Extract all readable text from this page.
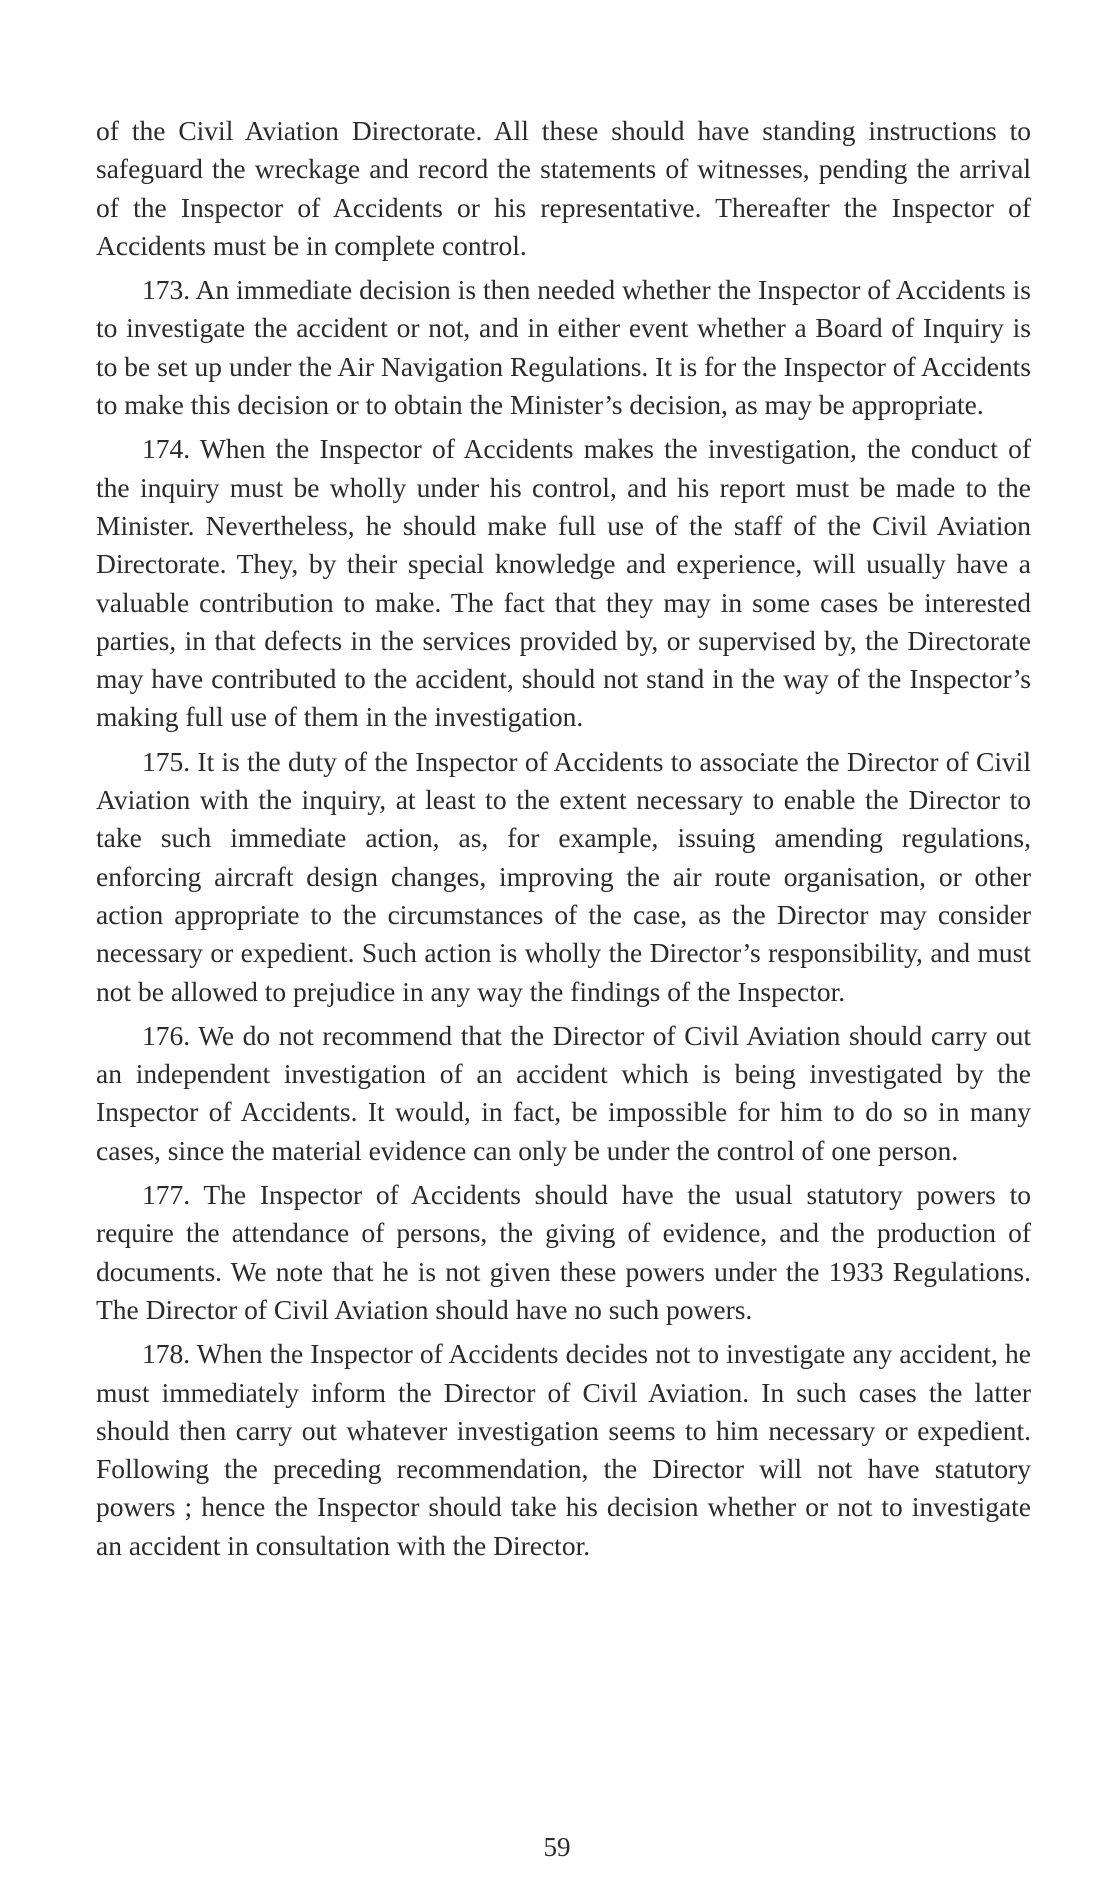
of the Civil Aviation Directorate. All these should have standing instructions to safeguard the wreckage and record the statements of witnesses, pending the arrival of the Inspector of Accidents or his representative. Thereafter the Inspector of Accidents must be in complete control.

173. An immediate decision is then needed whether the Inspector of Accidents is to investigate the accident or not, and in either event whether a Board of Inquiry is to be set up under the Air Navigation Regulations. It is for the Inspector of Accidents to make this decision or to obtain the Minister’s decision, as may be appropriate.

174. When the Inspector of Accidents makes the investigation, the conduct of the inquiry must be wholly under his control, and his report must be made to the Minister. Nevertheless, he should make full use of the staff of the Civil Aviation Directorate. They, by their special knowledge and experience, will usually have a valuable contribution to make. The fact that they may in some cases be interested parties, in that defects in the services provided by, or supervised by, the Directorate may have contributed to the accident, should not stand in the way of the Inspector’s making full use of them in the investigation.

175. It is the duty of the Inspector of Accidents to associate the Director of Civil Aviation with the inquiry, at least to the extent necessary to enable the Director to take such immediate action, as, for example, issuing amending regulations, enforcing aircraft design changes, improving the air route organisation, or other action appropriate to the circumstances of the case, as the Director may consider necessary or expedient. Such action is wholly the Director’s responsibility, and must not be allowed to prejudice in any way the findings of the Inspector.

176. We do not recommend that the Director of Civil Aviation should carry out an independent investigation of an accident which is being investigated by the Inspector of Accidents. It would, in fact, be impossible for him to do so in many cases, since the material evidence can only be under the control of one person.

177. The Inspector of Accidents should have the usual statutory powers to require the attendance of persons, the giving of evidence, and the production of documents. We note that he is not given these powers under the 1933 Regulations. The Director of Civil Aviation should have no such powers.

178. When the Inspector of Accidents decides not to investigate any accident, he must immediately inform the Director of Civil Aviation. In such cases the latter should then carry out whatever investigation seems to him necessary or expedient. Following the preceding recommendation, the Director will not have statutory powers ; hence the Inspector should take his decision whether or not to investigate an accident in consultation with the Director.

59
